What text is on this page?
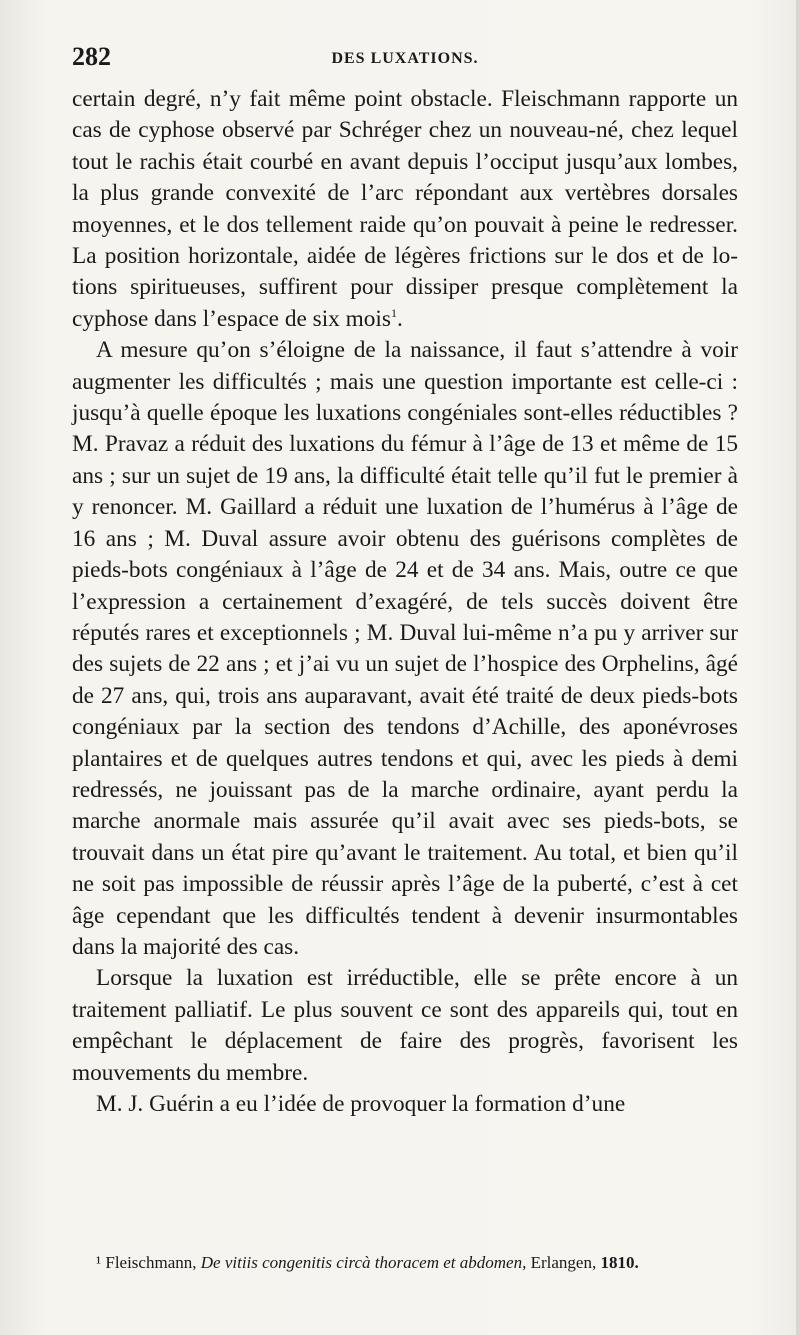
282	DES LUXATIONS.

certain degré, n’y fait même point obstacle. Fleischmann rapporte un cas de cyphose observé par Schréger chez un nouveau-né, chez lequel tout le rachis était courbé en avant depuis l’occiput jusqu’aux lombes, la plus grande convexité de l’arc répondant aux vertèbres dorsales moyennes, et le dos tellement raide qu’on pouvait à peine le redresser. La position horizontale, aidée de légères frictions sur le dos et de lotions spiritueuses, suffirent pour dissiper presque complètement la cyphose dans l’espace de six mois$^1$.

A mesure qu’on s’éloigne de la naissance, il faut s’attendre à voir augmenter les difficultés ; mais une question importante est celle-ci : jusqu’à quelle époque les luxations congéniales sont-elles réductibles ? M. Pravaz a réduit des luxations du fémur à l’âge de 13 et même de 15 ans ; sur un sujet de 19 ans, la difficulté était telle qu’il fut le premier à y renoncer. M. Gaillard a réduit une luxation de l’humérus à l’âge de 16 ans ; M. Duval assure avoir obtenu des guérisons complètes de pieds-bots congéniaux à l’âge de 24 et de 34 ans. Mais, outre ce que l’expression a certainement d’exagéré, de tels succès doivent être réputés rares et exceptionnels ; M. Duval lui-même n’a pu y arriver sur des sujets de 22 ans ; et j’ai vu un sujet de l’hospice des Orphelins, âgé de 27 ans, qui, trois ans auparavant, avait été traité de deux pieds-bots congéniaux par la section des tendons d’Achille, des aponévroses plantaires et de quelques autres tendons et qui, avec les pieds à demi redressés, ne jouissant pas de la marche ordinaire, ayant perdu la marche anormale mais assurée qu’il avait avec ses pieds-bots, se trouvait dans un état pire qu’avant le traitement. Au total, et bien qu’il ne soit pas impossible de réussir après l’âge de la puberté, c’est à cet âge cependant que les difficultés tendent à devenir insurmontables dans la majorité des cas.

Lorsque la luxation est irréductible, elle se prête encore à un traitement palliatif. Le plus souvent ce sont des appareils qui, tout en empêchant le déplacement de faire des progrès, favorisent les mouvements du membre.

M. J. Guérin a eu l’idée de provoquer la formation d’une

¹ Fleischmann, De vitiis congenitis circà thoracem et abdomen, Erlangen, 1810.
